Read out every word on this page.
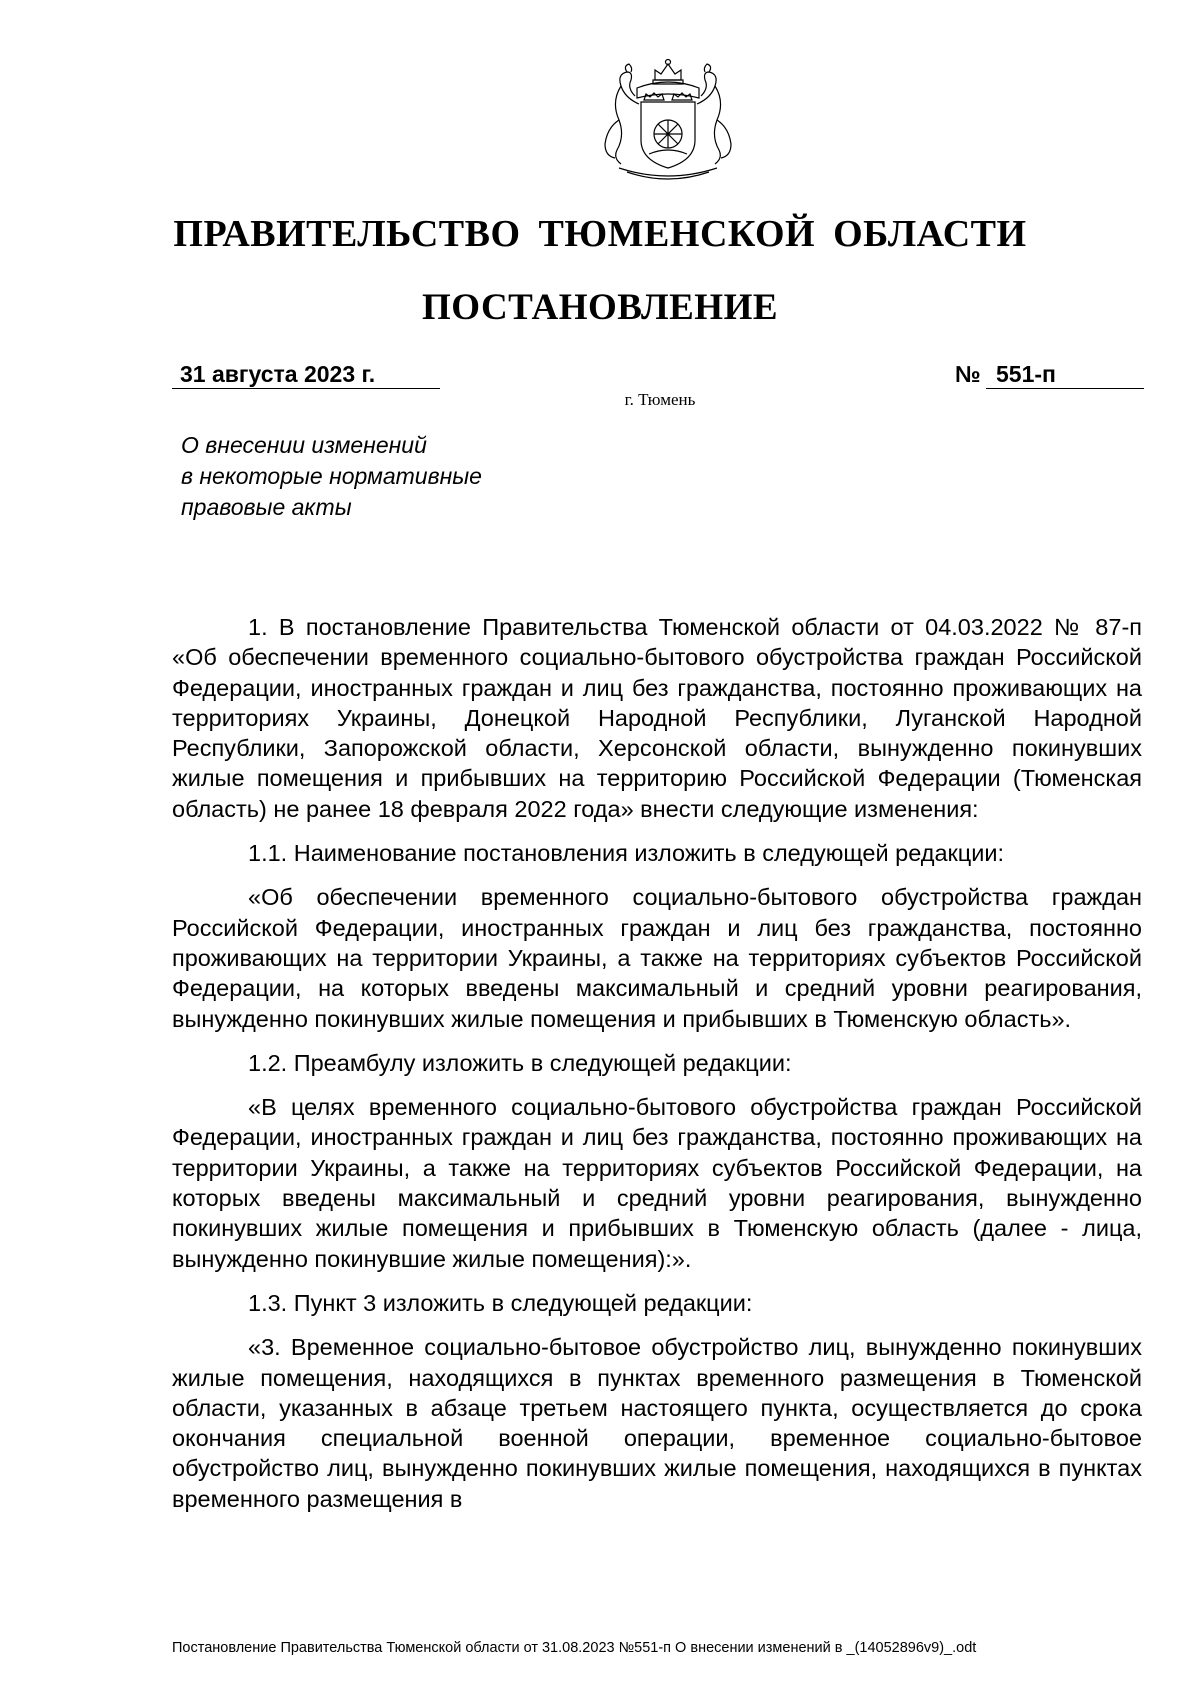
ПРАВИТЕЛЬСТВО ТЮМЕНСКОЙ ОБЛАСТИ
ПОСТАНОВЛЕНИЕ
31 августа 2023 г.	№ 551-п
г. Тюмень
О внесении изменений
в некоторые нормативные
правовые акты

1. В постановление Правительства Тюменской области от 04.03.2022 № 87-п «Об обеспечении временного социально-бытового обустройства граждан Российской Федерации, иностранных граждан и лиц без гражданства, постоянно проживающих на территориях Украины, Донецкой Народной Республики, Луганской Народной Республики, Запорожской области, Херсонской области, вынужденно покинувших жилые помещения и прибывших на территорию Российской Федерации (Тюменская область) не ранее 18 февраля 2022 года» внести следующие изменения:

1.1. Наименование постановления изложить в следующей редакции:

«Об обеспечении временного социально-бытового обустройства граждан Российской Федерации, иностранных граждан и лиц без гражданства, постоянно проживающих на территории Украины, а также на территориях субъектов Российской Федерации, на которых введены максимальный и средний уровни реагирования, вынужденно покинувших жилые помещения и прибывших в Тюменскую область».

1.2. Преамбулу изложить в следующей редакции:

«В целях временного социально-бытового обустройства граждан Российской Федерации, иностранных граждан и лиц без гражданства, постоянно проживающих на территории Украины, а также на территориях субъектов Российской Федерации, на которых введены максимальный и средний уровни реагирования, вынужденно покинувших жилые помещения и прибывших в Тюменскую область (далее - лица, вынужденно покинувшие жилые помещения):».

1.3. Пункт 3 изложить в следующей редакции:

«3. Временное социально-бытовое обустройство лиц, вынужденно покинувших жилые помещения, находящихся в пунктах временного размещения в Тюменской области, указанных в абзаце третьем настоящего пункта, осуществляется до срока окончания специальной военной операции, временное социально-бытовое обустройство лиц, вынужденно покинувших жилые помещения, находящихся в пунктах временного размещения в

Постановление Правительства Тюменской области от 31.08.2023 №551-п О внесении изменений в _(14052896v9)_.odt
